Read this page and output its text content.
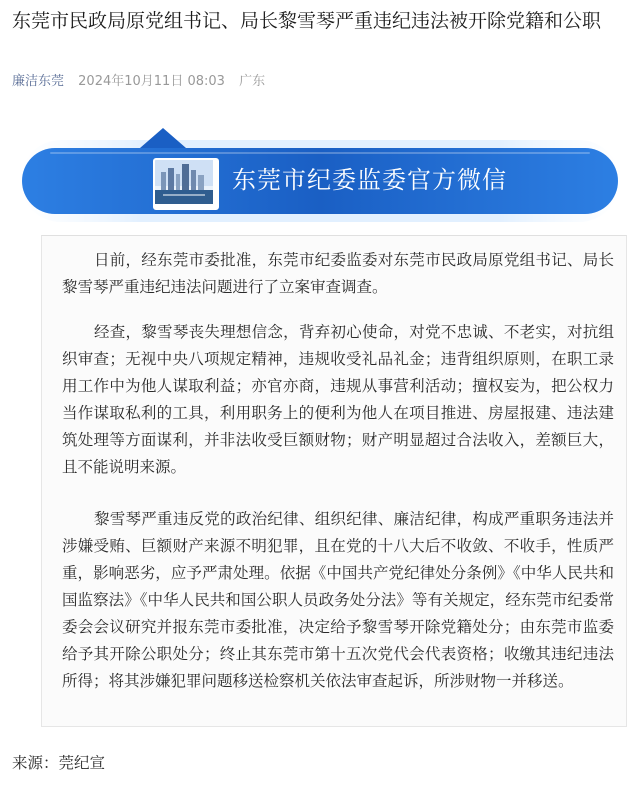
东莞市民政局原党组书记、局长黎雪琴严重违纪违法被开除党籍和公职
廉洁东莞 2024年10月11日 08:03 广东
东莞市纪委监委官方微信

日前，经东莞市委批准，东莞市纪委监委对东莞市民政局原党组书记、局长黎雪琴严重违纪违法问题进行了立案审查调查。

经查，黎雪琴丧失理想信念，背弃初心使命，对党不忠诚、不老实，对抗组织审查；无视中央八项规定精神，违规收受礼品礼金；违背组织原则，在职工录用工作中为他人谋取利益；亦官亦商，违规从事营利活动；擅权妄为，把公权力当作谋取私利的工具，利用职务上的便利为他人在项目推进、房屋报建、违法建筑处理等方面谋利，并非法收受巨额财物；财产明显超过合法收入，差额巨大，且不能说明来源。

黎雪琴严重违反党的政治纪律、组织纪律、廉洁纪律，构成严重职务违法并涉嫌受贿、巨额财产来源不明犯罪，且在党的十八大后不收敛、不收手，性质严重，影响恶劣，应予严肃处理。依据《中国共产党纪律处分条例》《中华人民共和国监察法》《中华人民共和国公职人员政务处分法》等有关规定，经东莞市纪委常委会会议研究并报东莞市委批准，决定给予黎雪琴开除党籍处分；由东莞市监委给予其开除公职处分；终止其东莞市第十五次党代会代表资格；收缴其违纪违法所得；将其涉嫌犯罪问题移送检察机关依法审查起诉，所涉财物一并移送。

来源：莞纪宣
